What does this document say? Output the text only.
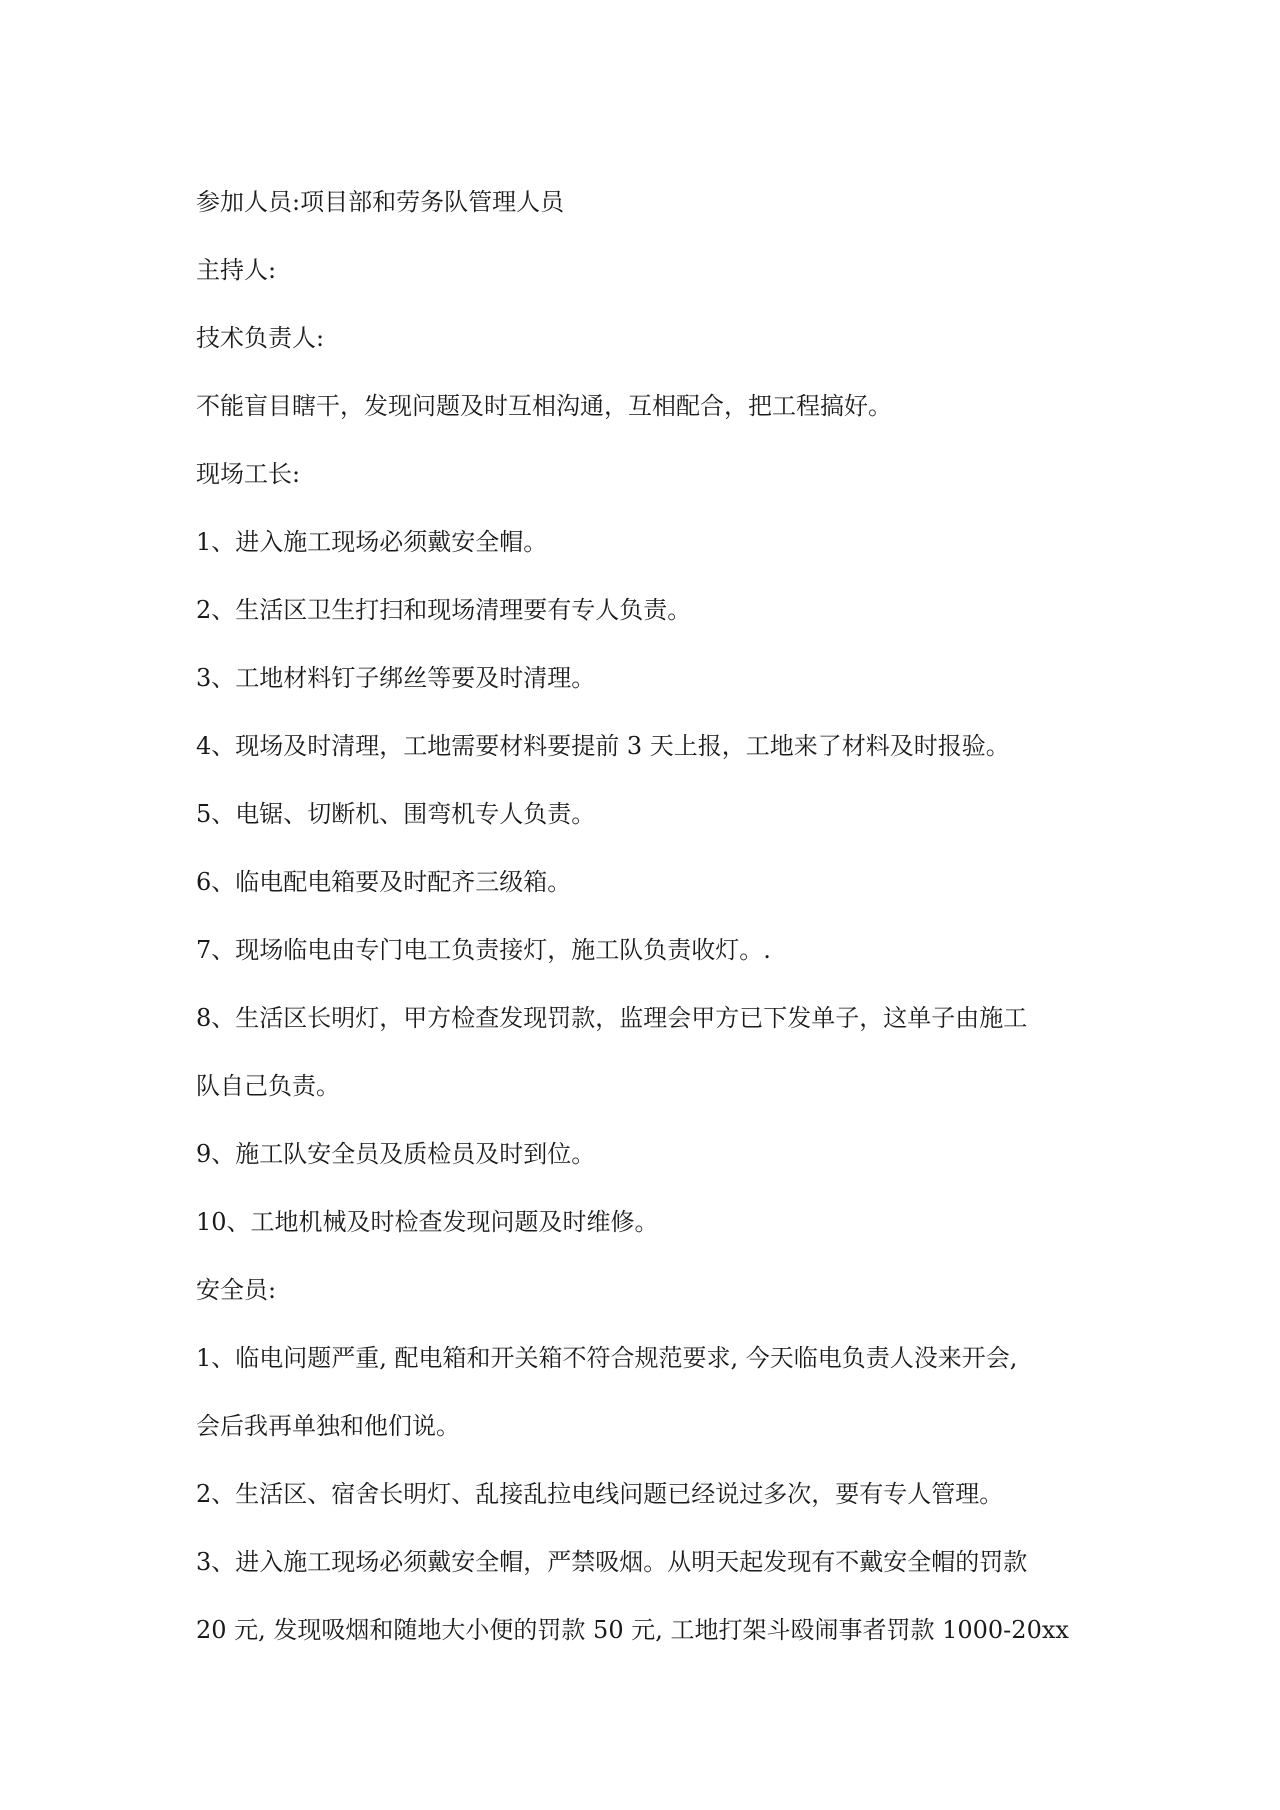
参加人员:项目部和劳务队管理人员

主持人:

技术负责人:

不能盲目瞎干，发现问题及时互相沟通，互相配合，把工程搞好。

现场工长:

1、进入施工现场必须戴安全帽。

2、生活区卫生打扫和现场清理要有专人负责。

3、工地材料钉子绑丝等要及时清理。

4、现场及时清理，工地需要材料要提前 3 天上报，工地来了材料及时报验。

5、电锯、切断机、围弯机专人负责。

6、临电配电箱要及时配齐三级箱。

7、现场临电由专门电工负责接灯，施工队负责收灯。.

8、生活区长明灯，甲方检查发现罚款，监理会甲方已下发单子，这单子由施工

队自己负责。

9、施工队安全员及质检员及时到位。

10、工地机械及时检查发现问题及时维修。

安全员:

1、临电问题严重, 配电箱和开关箱不符合规范要求, 今天临电负责人没来开会,

会后我再单独和他们说。

2、生活区、宿舍长明灯、乱接乱拉电线问题已经说过多次，要有专人管理。

3、进入施工现场必须戴安全帽，严禁吸烟。从明天起发现有不戴安全帽的罚款

20 元, 发现吸烟和随地大小便的罚款 50 元, 工地打架斗殴闹事者罚款 1000-20xx
